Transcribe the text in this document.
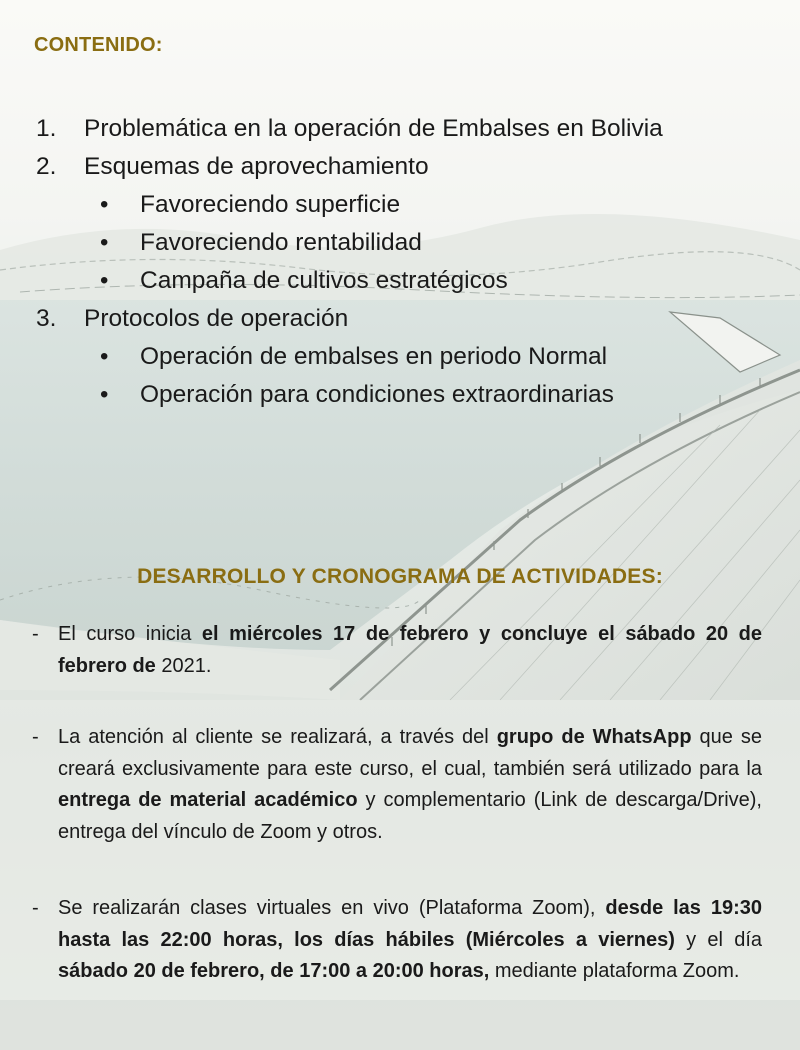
CONTENIDO:
1. Problemática en la operación de Embalses en Bolivia
2. Esquemas de aprovechamiento
• Favoreciendo superficie
• Favoreciendo rentabilidad
• Campaña de cultivos estratégicos
3. Protocolos de operación
• Operación de embalses en periodo Normal
• Operación para condiciones extraordinarias
DESARROLLO Y CRONOGRAMA DE ACTIVIDADES:
- El curso inicia el miércoles 17 de febrero y concluye el sábado 20 de febrero de 2021.
- La atención al cliente se realizará, a través del grupo de WhatsApp que se creará exclusivamente para este curso, el cual, también será utilizado para la entrega de material académico y complementario (Link de descarga/Drive), entrega del vínculo de Zoom y otros.
- Se realizarán clases virtuales en vivo (Plataforma Zoom), desde las 19:30 hasta las 22:00 horas, los días hábiles (Miércoles a viernes) y el día sábado 20 de febrero, de 17:00 a 20:00 horas, mediante plataforma Zoom.
